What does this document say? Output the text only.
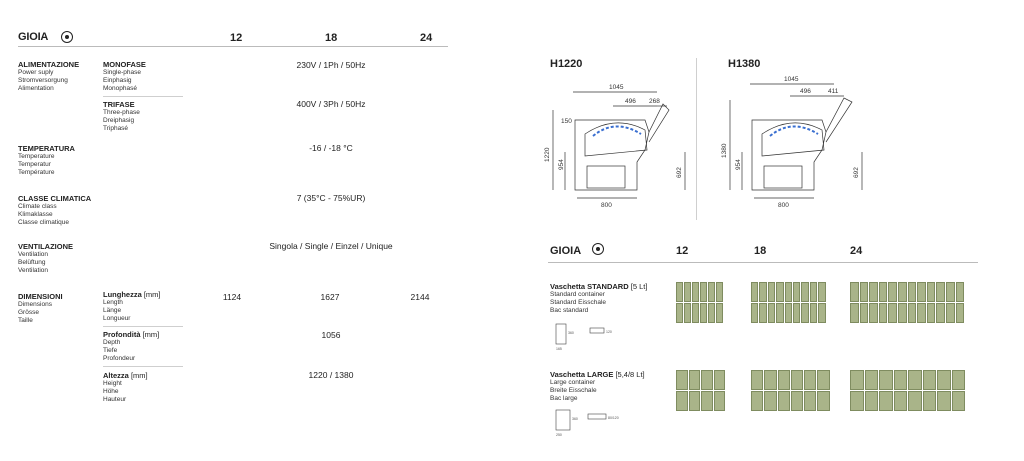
GIOIA	12	18	24
ALIMENTAZIONE
Power suply
Stromversorgung
Alimentation
MONOFASE
Single-phase
Einphasig
Monophasé
230V / 1Ph / 50Hz
TRIFASE
Three-phase
Dreiphasig
Triphasé
400V / 3Ph / 50Hz
TEMPERATURA
Temperature
Temperatur
Température
-16 / -18 °C
CLASSE CLIMATICA
Climate class
Klimaklasse
Classe climatique
7 (35°C - 75%UR)
VENTILAZIONE
Ventilation
Belüftung
Ventilation
Singola / Single / Einzel / Unique
DIMENSIONI
Dimensions
Grösse
Taille
Lunghezza [mm]
Length
Länge
Longueur
1124	1627	2144
Profondità [mm]
Depth
Tiefe
Profondeur
1056
Altezza [mm]
Height
Höhe
Hauteur
1220 / 1380
H1220	H1380
1045
496 268
150
1220
954
692
800
1045
496	411
1380
954
692
800
GIOIA	12	18	24
Vaschetta STANDARD [5 Lt]
Standard container
Standard Eisschale
Bac standard
360
165
120
Vaschetta LARGE [5,4/8 Lt]
Large container
Breite Eisschale
Bac large
360
250
80/120
